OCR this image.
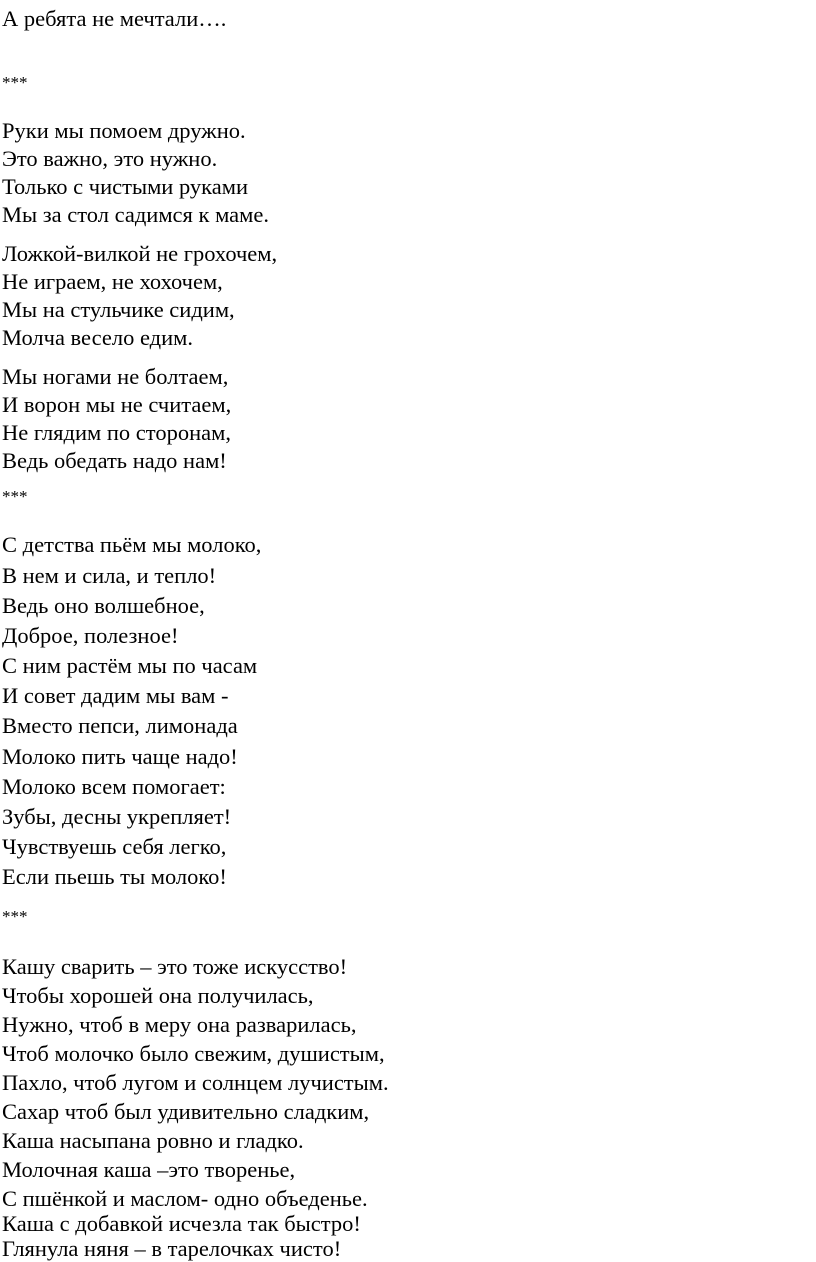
А ребята не мечтали….
***
Руки мы помоем дружно.
Это важно, это нужно.
Только с чистыми руками
Мы за стол садимся к маме.
Ложкой-вилкой не грохочем,
Не играем, не хохочем,
Мы на стульчике сидим,
Молча весело едим.
Мы ногами не болтаем,
И ворон мы не считаем,
Не глядим по сторонам,
Ведь обедать надо нам!
***
С детства пьём мы молоко,
В нем и сила, и тепло!
Ведь оно волшебное,
Доброе, полезное!
С ним растём мы по часам
И совет дадим мы вам -
Вместо пепси, лимонада
Молоко пить чаще надо!
Молоко всем помогает:
Зубы, десны укрепляет!
Чувствуешь себя легко,
Если пьешь ты молоко!
***
Кашу сварить – это тоже искусство!
Чтобы хорошей она получилась,
Нужно, чтоб в меру она разварилась,
Чтоб молочко было свежим, душистым,
Пахло, чтоб лугом и солнцем лучистым.
Сахар чтоб был удивительно сладким,
Каша насыпана ровно и гладко.
Молочная каша –это творенье,
С пшёнкой и маслом- одно объеденье.
Каша с добавкой исчезла так быстро!
Глянула няня – в тарелочках чисто!
